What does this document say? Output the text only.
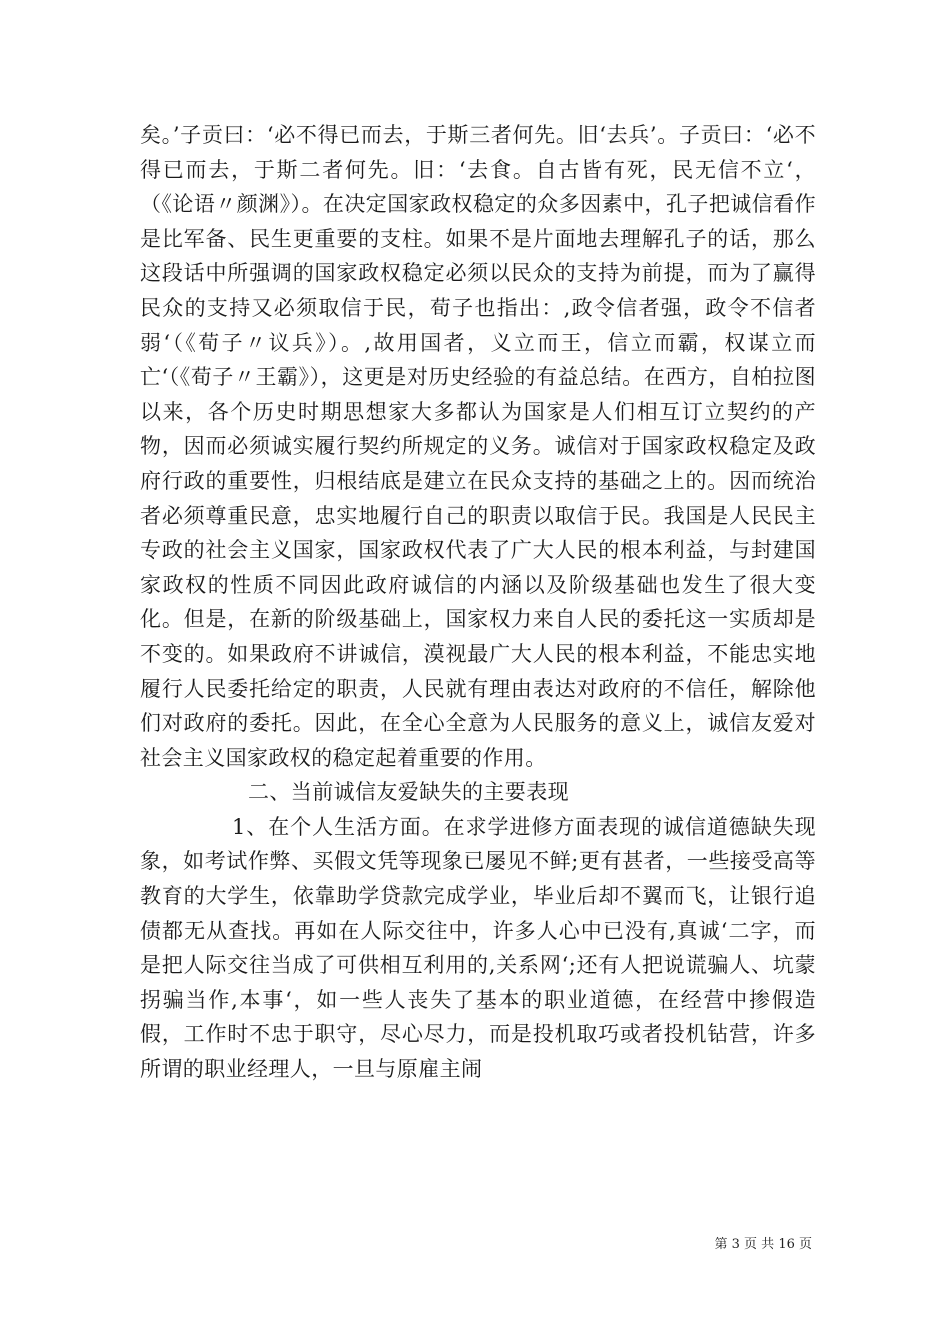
矣。’子贡曰：‘必不得已而去，于斯三者何先。旧‘去兵’。子贡曰：‘必不得已而去，于斯二者何先。旧：‘去食。自古皆有死，民无信不立‘，（《论语〃颜渊》）。在决定国家政权稳定的众多因素中，孔子把诚信看作是比军备、民生更重要的支柱。如果不是片面地去理解孔子的话，那么这段话中所强调的国家政权稳定必须以民众的支持为前提，而为了赢得民众的支持又必须取信于民，荀子也指出：,政令信者强，政令不信者弱‘（《荀子〃议兵》）。,故用国者，义立而王，信立而霸，权谋立而亡‘（《荀子〃王霸》），这更是对历史经验的有益总结。在西方，自柏拉图以来，各个历史时期思想家大多都认为国家是人们相互订立契约的产物，因而必须诚实履行契约所规定的义务。诚信对于国家政权稳定及政府行政的重要性，归根结底是建立在民众支持的基础之上的。因而统治者必须尊重民意，忠实地履行自己的职责以取信于民。我国是人民民主专政的社会主义国家，国家政权代表了广大人民的根本利益，与封建国家政权的性质不同因此政府诚信的内涵以及阶级基础也发生了很大变化。但是，在新的阶级基础上，国家权力来自人民的委托这一实质却是不变的。如果政府不讲诚信，漠视最广大人民的根本利益，不能忠实地履行人民委托给定的职责，人民就有理由表达对政府的不信任，解除他们对政府的委托。因此，在全心全意为人民服务的意义上，诚信友爱对社会主义国家政权的稳定起着重要的作用。

二、当前诚信友爱缺失的主要表现

1、在个人生活方面。在求学进修方面表现的诚信道德缺失现象，如考试作弊、买假文凭等现象已屡见不鲜;更有甚者，一些接受高等教育的大学生，依靠助学贷款完成学业，毕业后却不翼而飞，让银行追债都无从查找。再如在人际交往中，许多人心中已没有,真诚‘二字，而是把人际交往当成了可供相互利用的,关系网‘;还有人把说谎骗人、坑蒙拐骗当作,本事‘，如一些人丧失了基本的职业道德，在经营中掺假造假，工作时不忠于职守，尽心尽力，而是投机取巧或者投机钻营，许多所谓的职业经理人，一旦与原雇主闹

第 3 页 共 16 页
